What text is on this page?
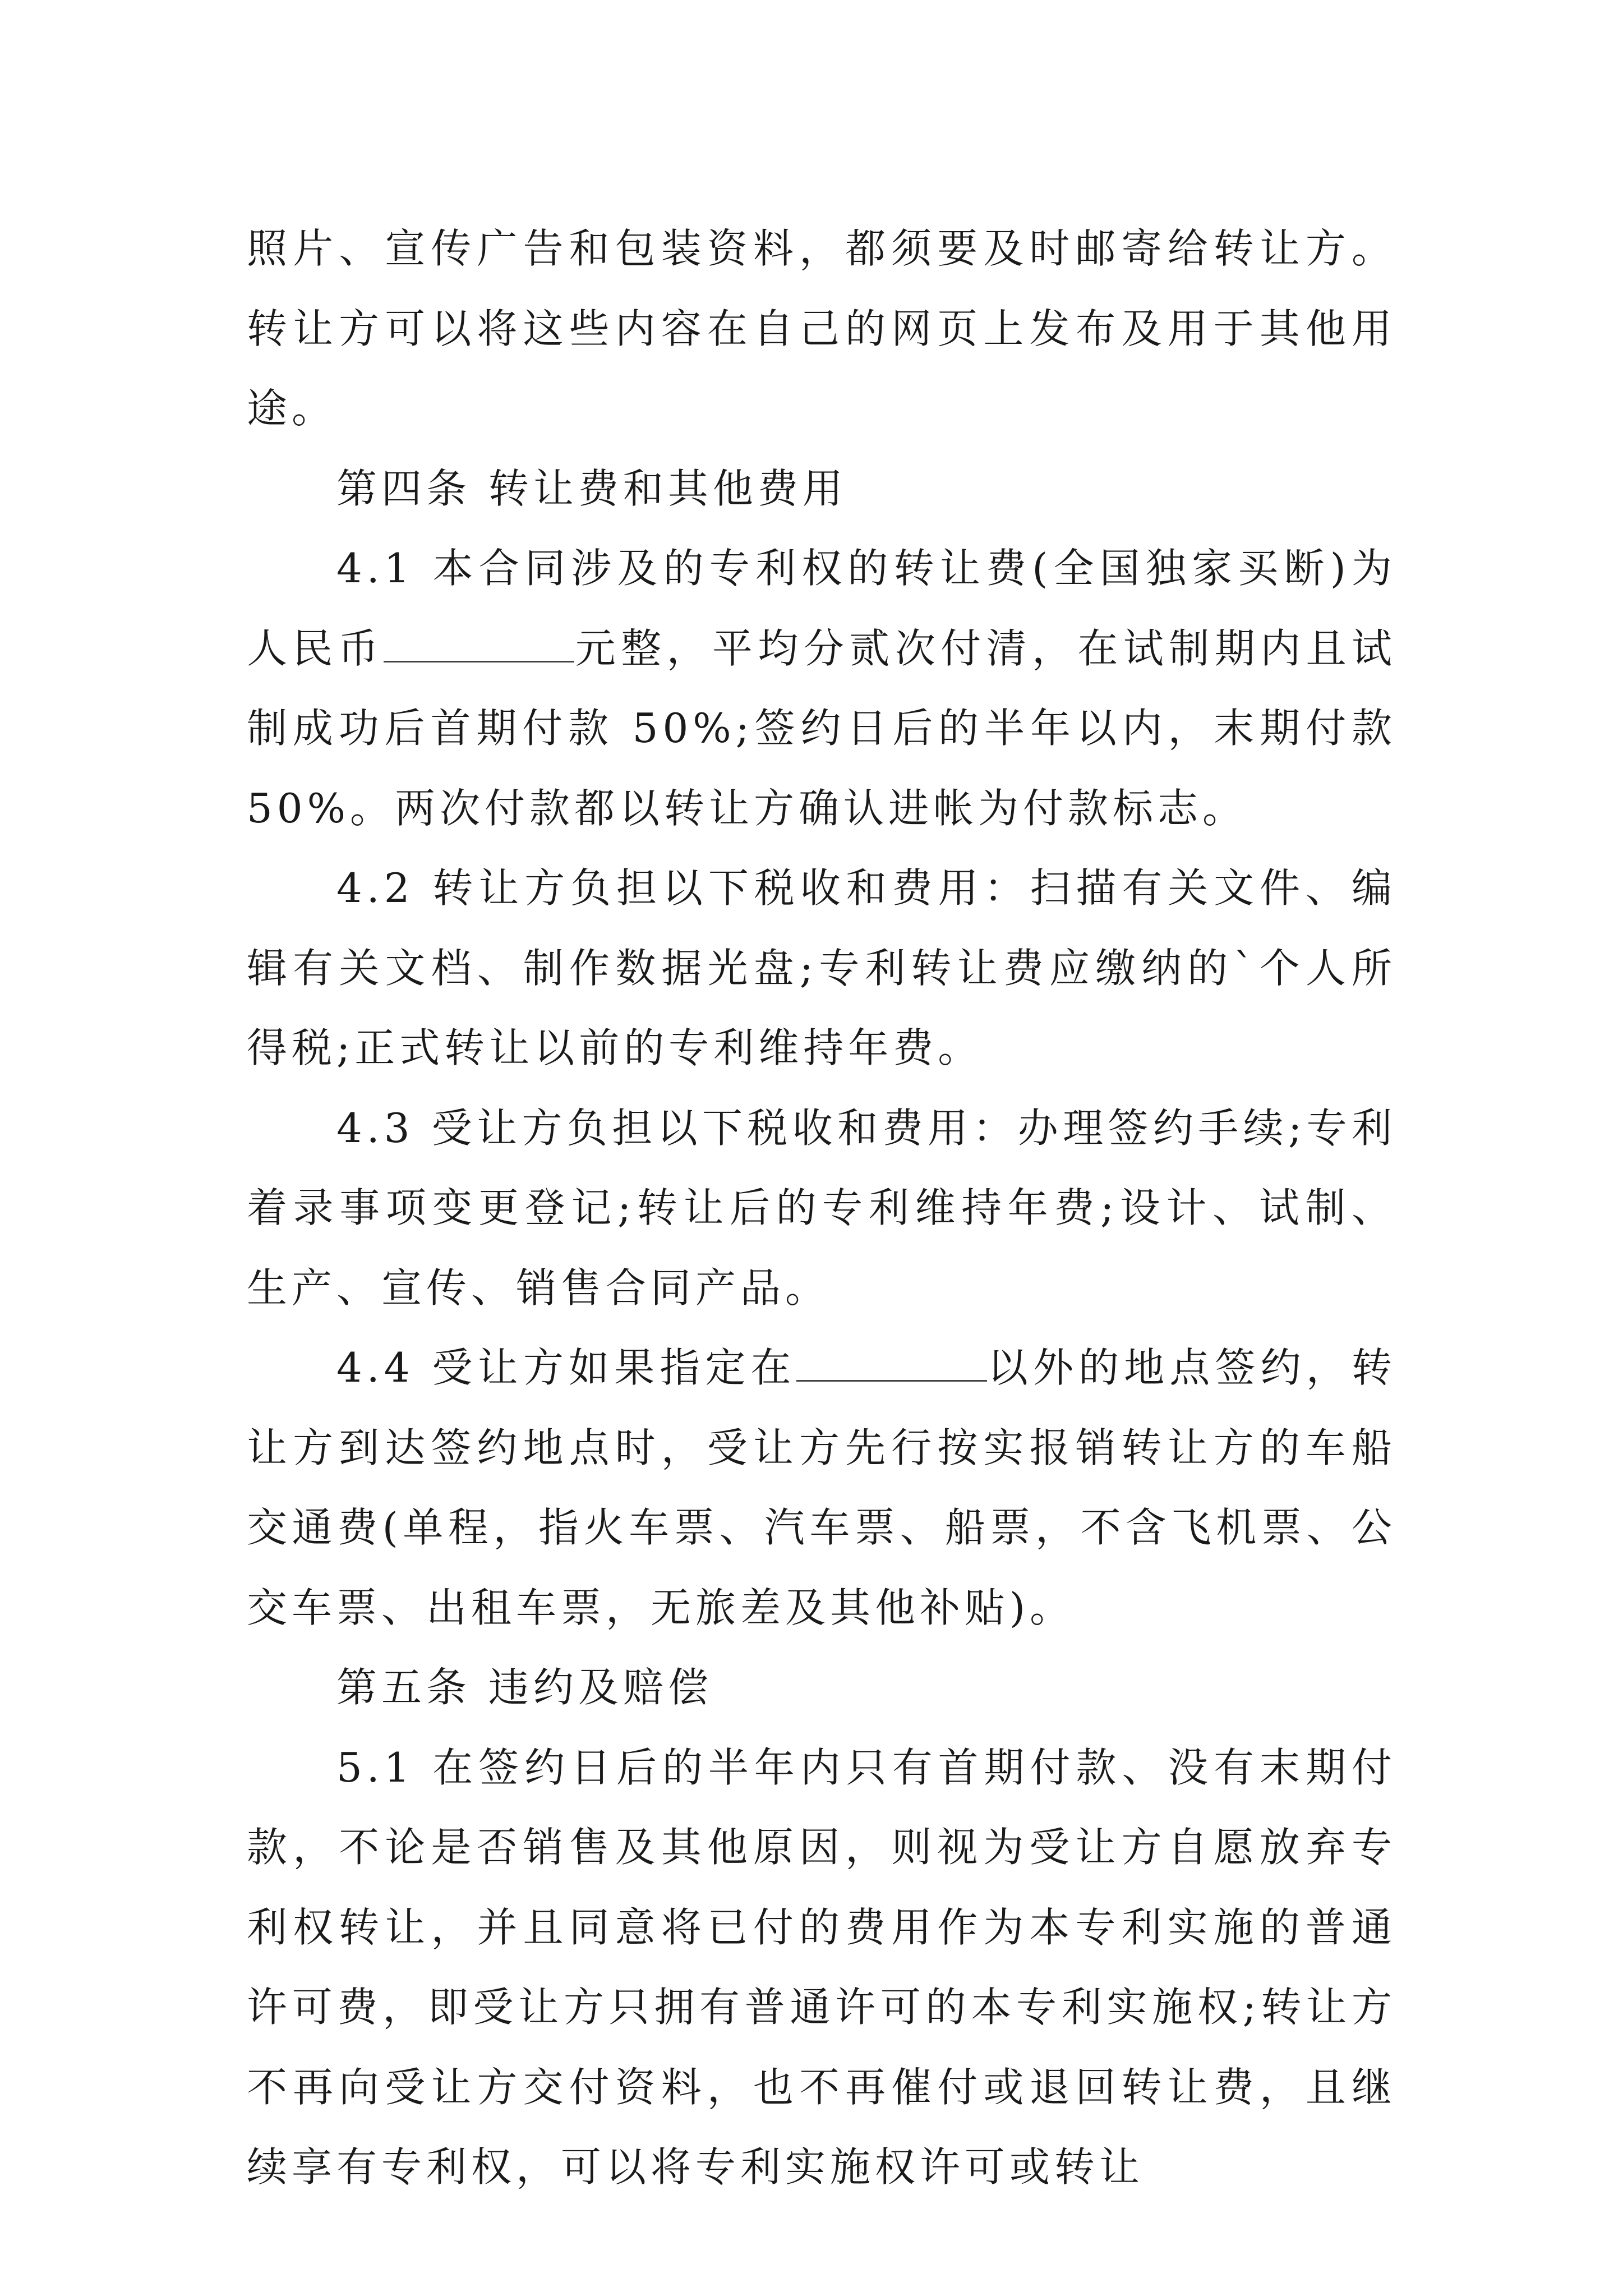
照片、宣传广告和包装资料，都须要及时邮寄给转让方。转让方可以将这些内容在自己的网页上发布及用于其他用途。

第四条 转让费和其他费用

4.1 本合同涉及的专利权的转让费(全国独家买断)为人民币	元整，平均分贰次付清，在试制期内且试制成功后首期付款 50%;签约日后的半年以内，末期付款 50%。两次付款都以转让方确认进帐为付款标志。

4.2 转让方负担以下税收和费用：扫描有关文件、编辑有关文档、制作数据光盘;专利转让费应缴纳的`个人所得税;正式转让以前的专利维持年费。

4.3 受让方负担以下税收和费用：办理签约手续;专利着录事项变更登记;转让后的专利维持年费;设计、试制、生产、宣传、销售合同产品。

4.4 受让方如果指定在	以外的地点签约，转让方到达签约地点时，受让方先行按实报销转让方的车船交通费(单程，指火车票、汽车票、船票，不含飞机票、公交车票、出租车票，无旅差及其他补贴)。

第五条 违约及赔偿

5.1 在签约日后的半年内只有首期付款、没有末期付款，不论是否销售及其他原因，则视为受让方自愿放弃专利权转让，并且同意将已付的费用作为本专利实施的普通许可费，即受让方只拥有普通许可的本专利实施权;转让方不再向受让方交付资料，也不再催付或退回转让费，且继续享有专利权，可以将专利实施权许可或转让
